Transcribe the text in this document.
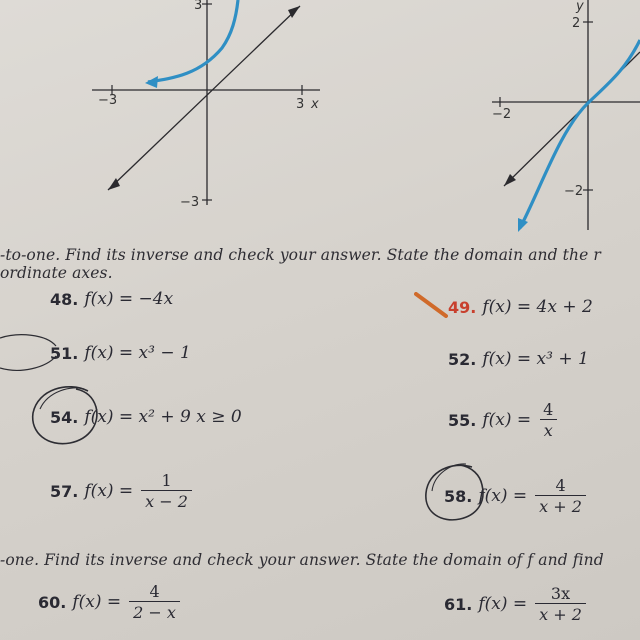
−3	3 x
−3
3
−2
2
y
−2
-to-one. Find its inverse and check your answer. State the domain and the r
ordinate axes.
48. f(x) = −4x	49. f(x) = 4x + 2
51. f(x) = x³ − 1	52. f(x) = x³ + 1
54. f(x) = x² + 9 x ≥ 0	55. $f(x) = \frac{4}{x}$
57. $f(x) = \frac{1}{x - 2}$	58. $f(x) = \frac{4}{x + 2}$
-one. Find its inverse and check your answer. State the domain of f and find
60. $f(x) = \frac{4}{2 - x}$	61. $f(x) = \frac{3x}{x + 2}$
